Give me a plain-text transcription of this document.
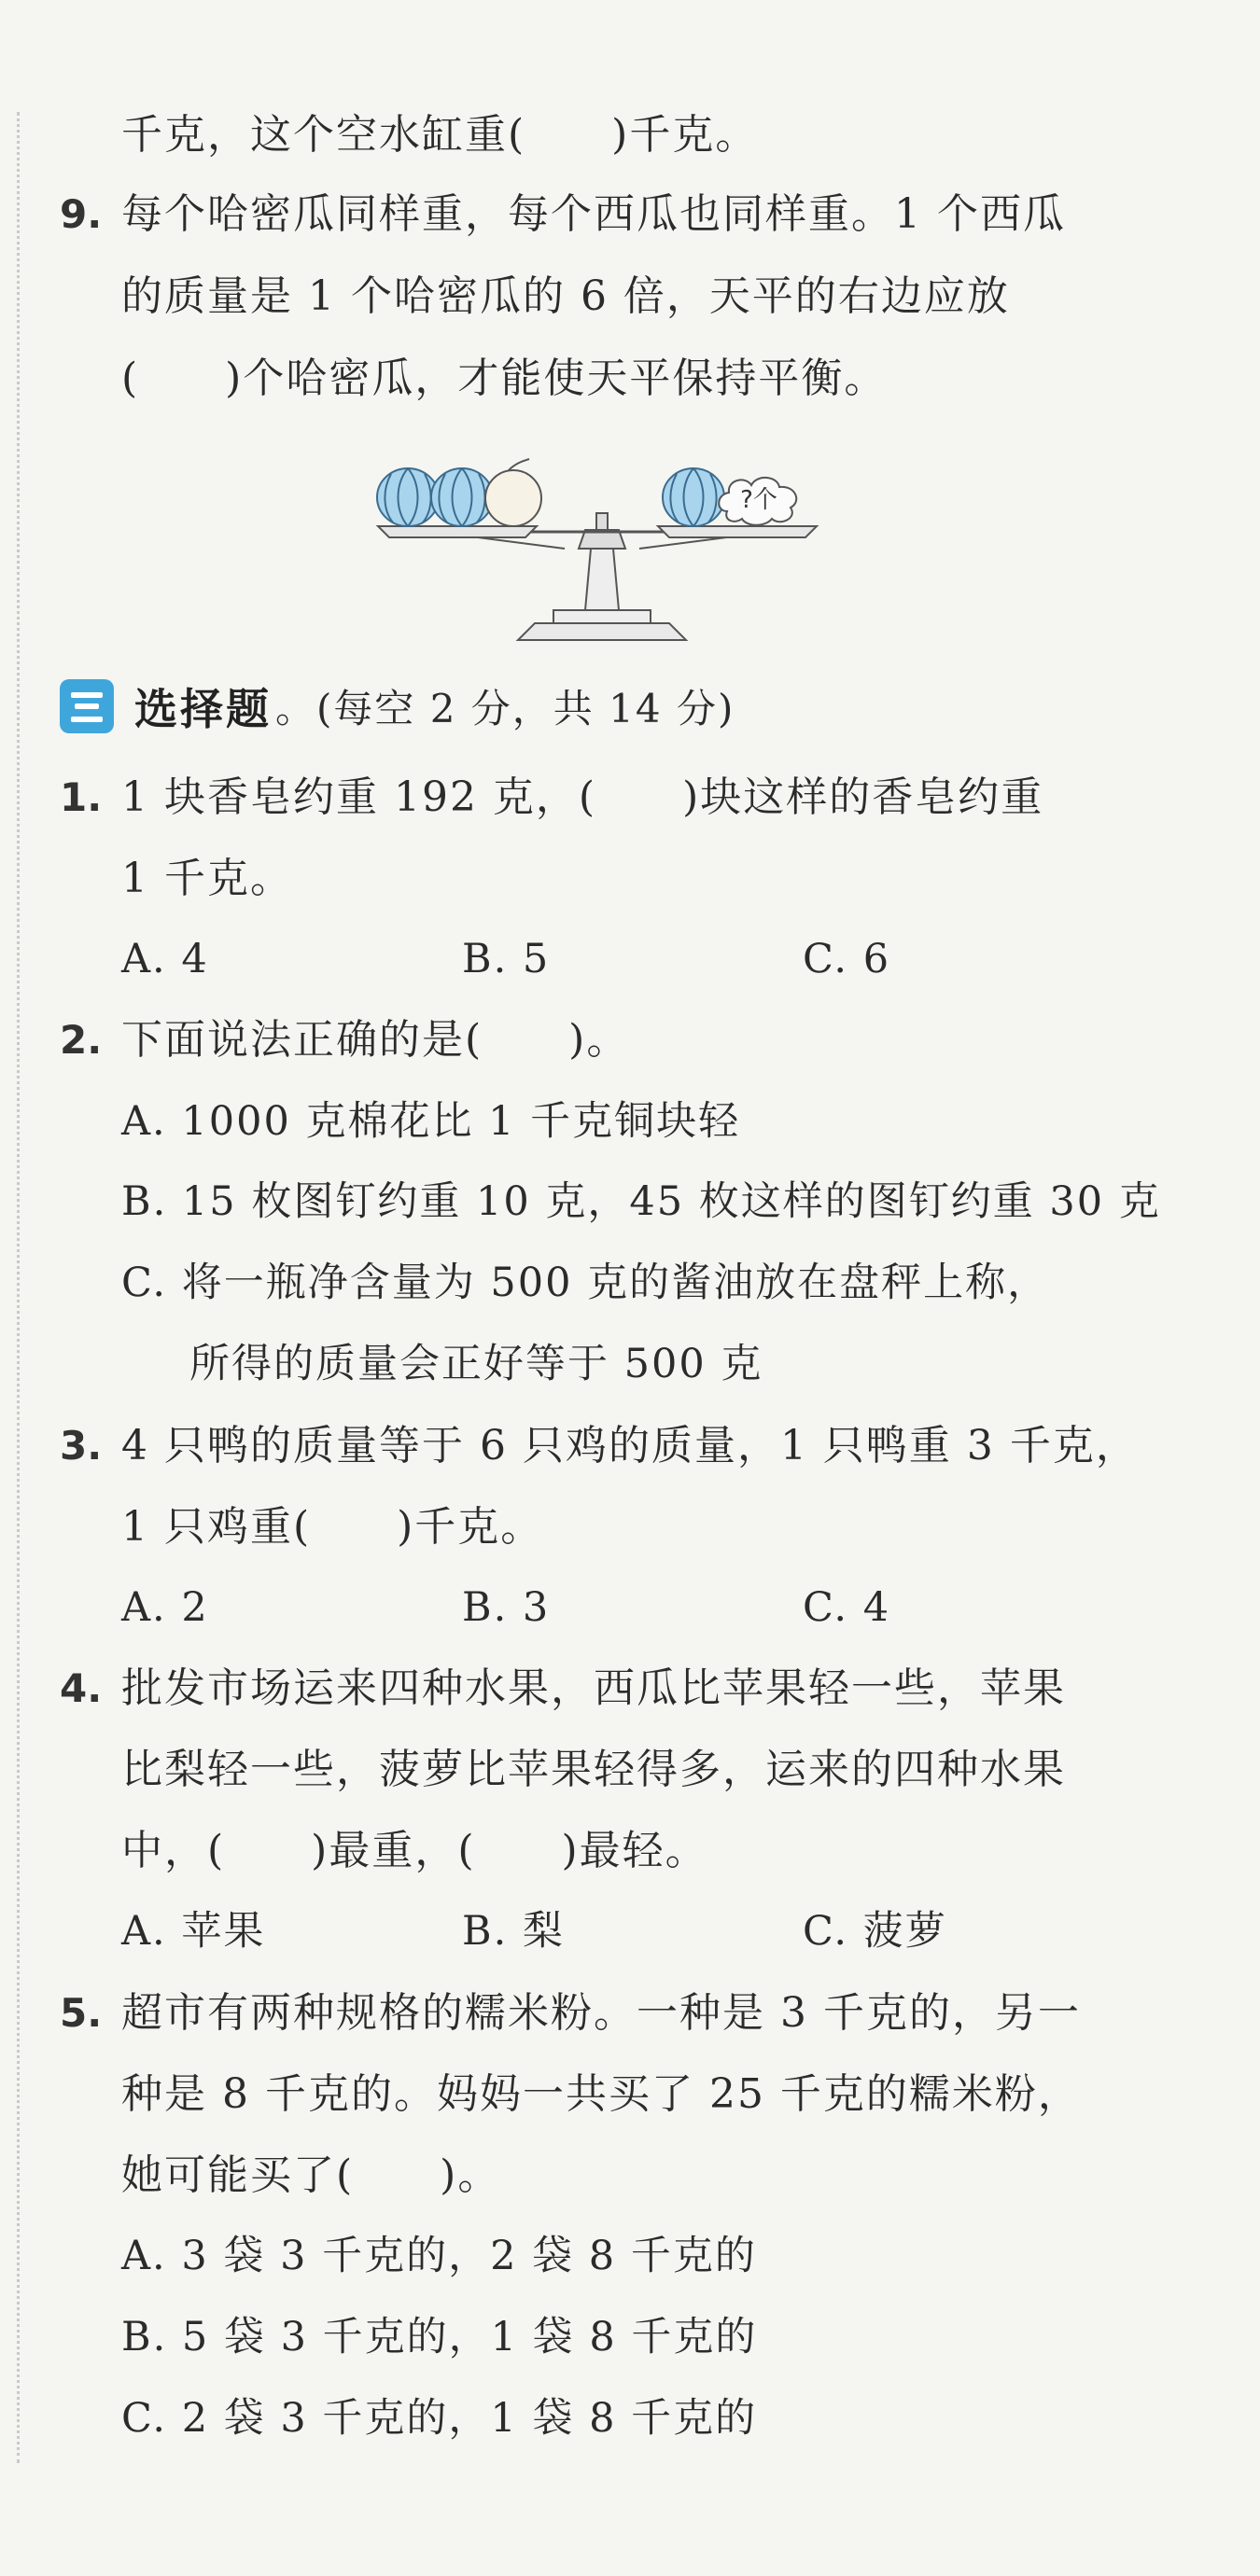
千克，这个空水缸重(　　)千克。
9. 每个哈密瓜同样重，每个西瓜也同样重。1 个西瓜
的质量是 1 个哈密瓜的 6 倍，天平的右边应放
(　　)个哈密瓜，才能使天平保持平衡。
?个
选择题 。(每空 2 分，共 14 分)
1. 1 块香皂约重 192 克，(　　)块这样的香皂约重
1 千克。
A. 4	B. 5	C. 6
2. 下面说法正确的是(　　)。
A. 1000 克棉花比 1 千克铜块轻
B. 15 枚图钉约重 10 克，45 枚这样的图钉约重 30 克
C. 将一瓶净含量为 500 克的酱油放在盘秤上称，
所得的质量会正好等于 500 克
3. 4 只鸭的质量等于 6 只鸡的质量，1 只鸭重 3 千克，
1 只鸡重(　　)千克。
A. 2	B. 3	C. 4
4. 批发市场运来四种水果，西瓜比苹果轻一些，苹果
比梨轻一些，菠萝比苹果轻得多，运来的四种水果
中，(　　)最重，(　　)最轻。
A. 苹果	B. 梨	C. 菠萝
5. 超市有两种规格的糯米粉。一种是 3 千克的，另一
种是 8 千克的。妈妈一共买了 25 千克的糯米粉，
她可能买了(　　)。
A. 3 袋 3 千克的，2 袋 8 千克的
B. 5 袋 3 千克的，1 袋 8 千克的
C. 2 袋 3 千克的，1 袋 8 千克的
